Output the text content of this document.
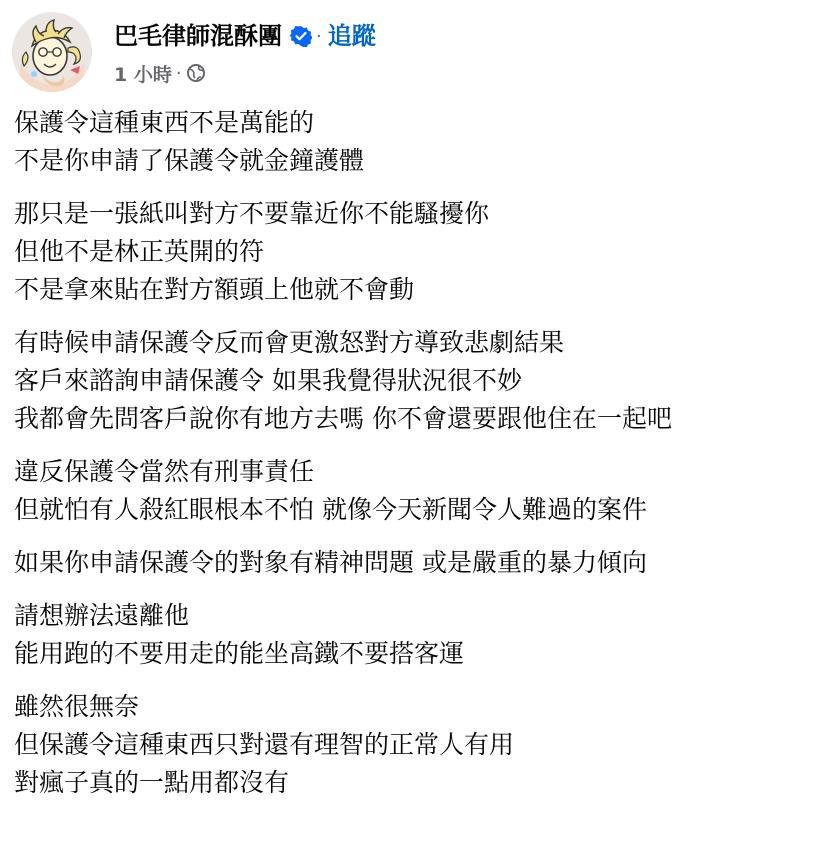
巴毛律師混酥團 · 追蹤
1 小時 ·
保護令這種東西不是萬能的
不是你申請了保護令就金鐘護體
那只是一張紙叫對方不要靠近你不能騷擾你
但他不是林正英開的符
不是拿來貼在對方額頭上他就不會動
有時候申請保護令反而會更激怒對方導致悲劇結果
客戶來諮詢申請保護令 如果我覺得狀況很不妙
我都會先問客戶說你有地方去嗎 你不會還要跟他住在一起吧
違反保護令當然有刑事責任
但就怕有人殺紅眼根本不怕 就像今天新聞令人難過的案件
如果你申請保護令的對象有精神問題 或是嚴重的暴力傾向
請想辦法遠離他
能用跑的不要用走的能坐高鐵不要搭客運
雖然很無奈
但保護令這種東西只對還有理智的正常人有用
對瘋子真的一點用都沒有
